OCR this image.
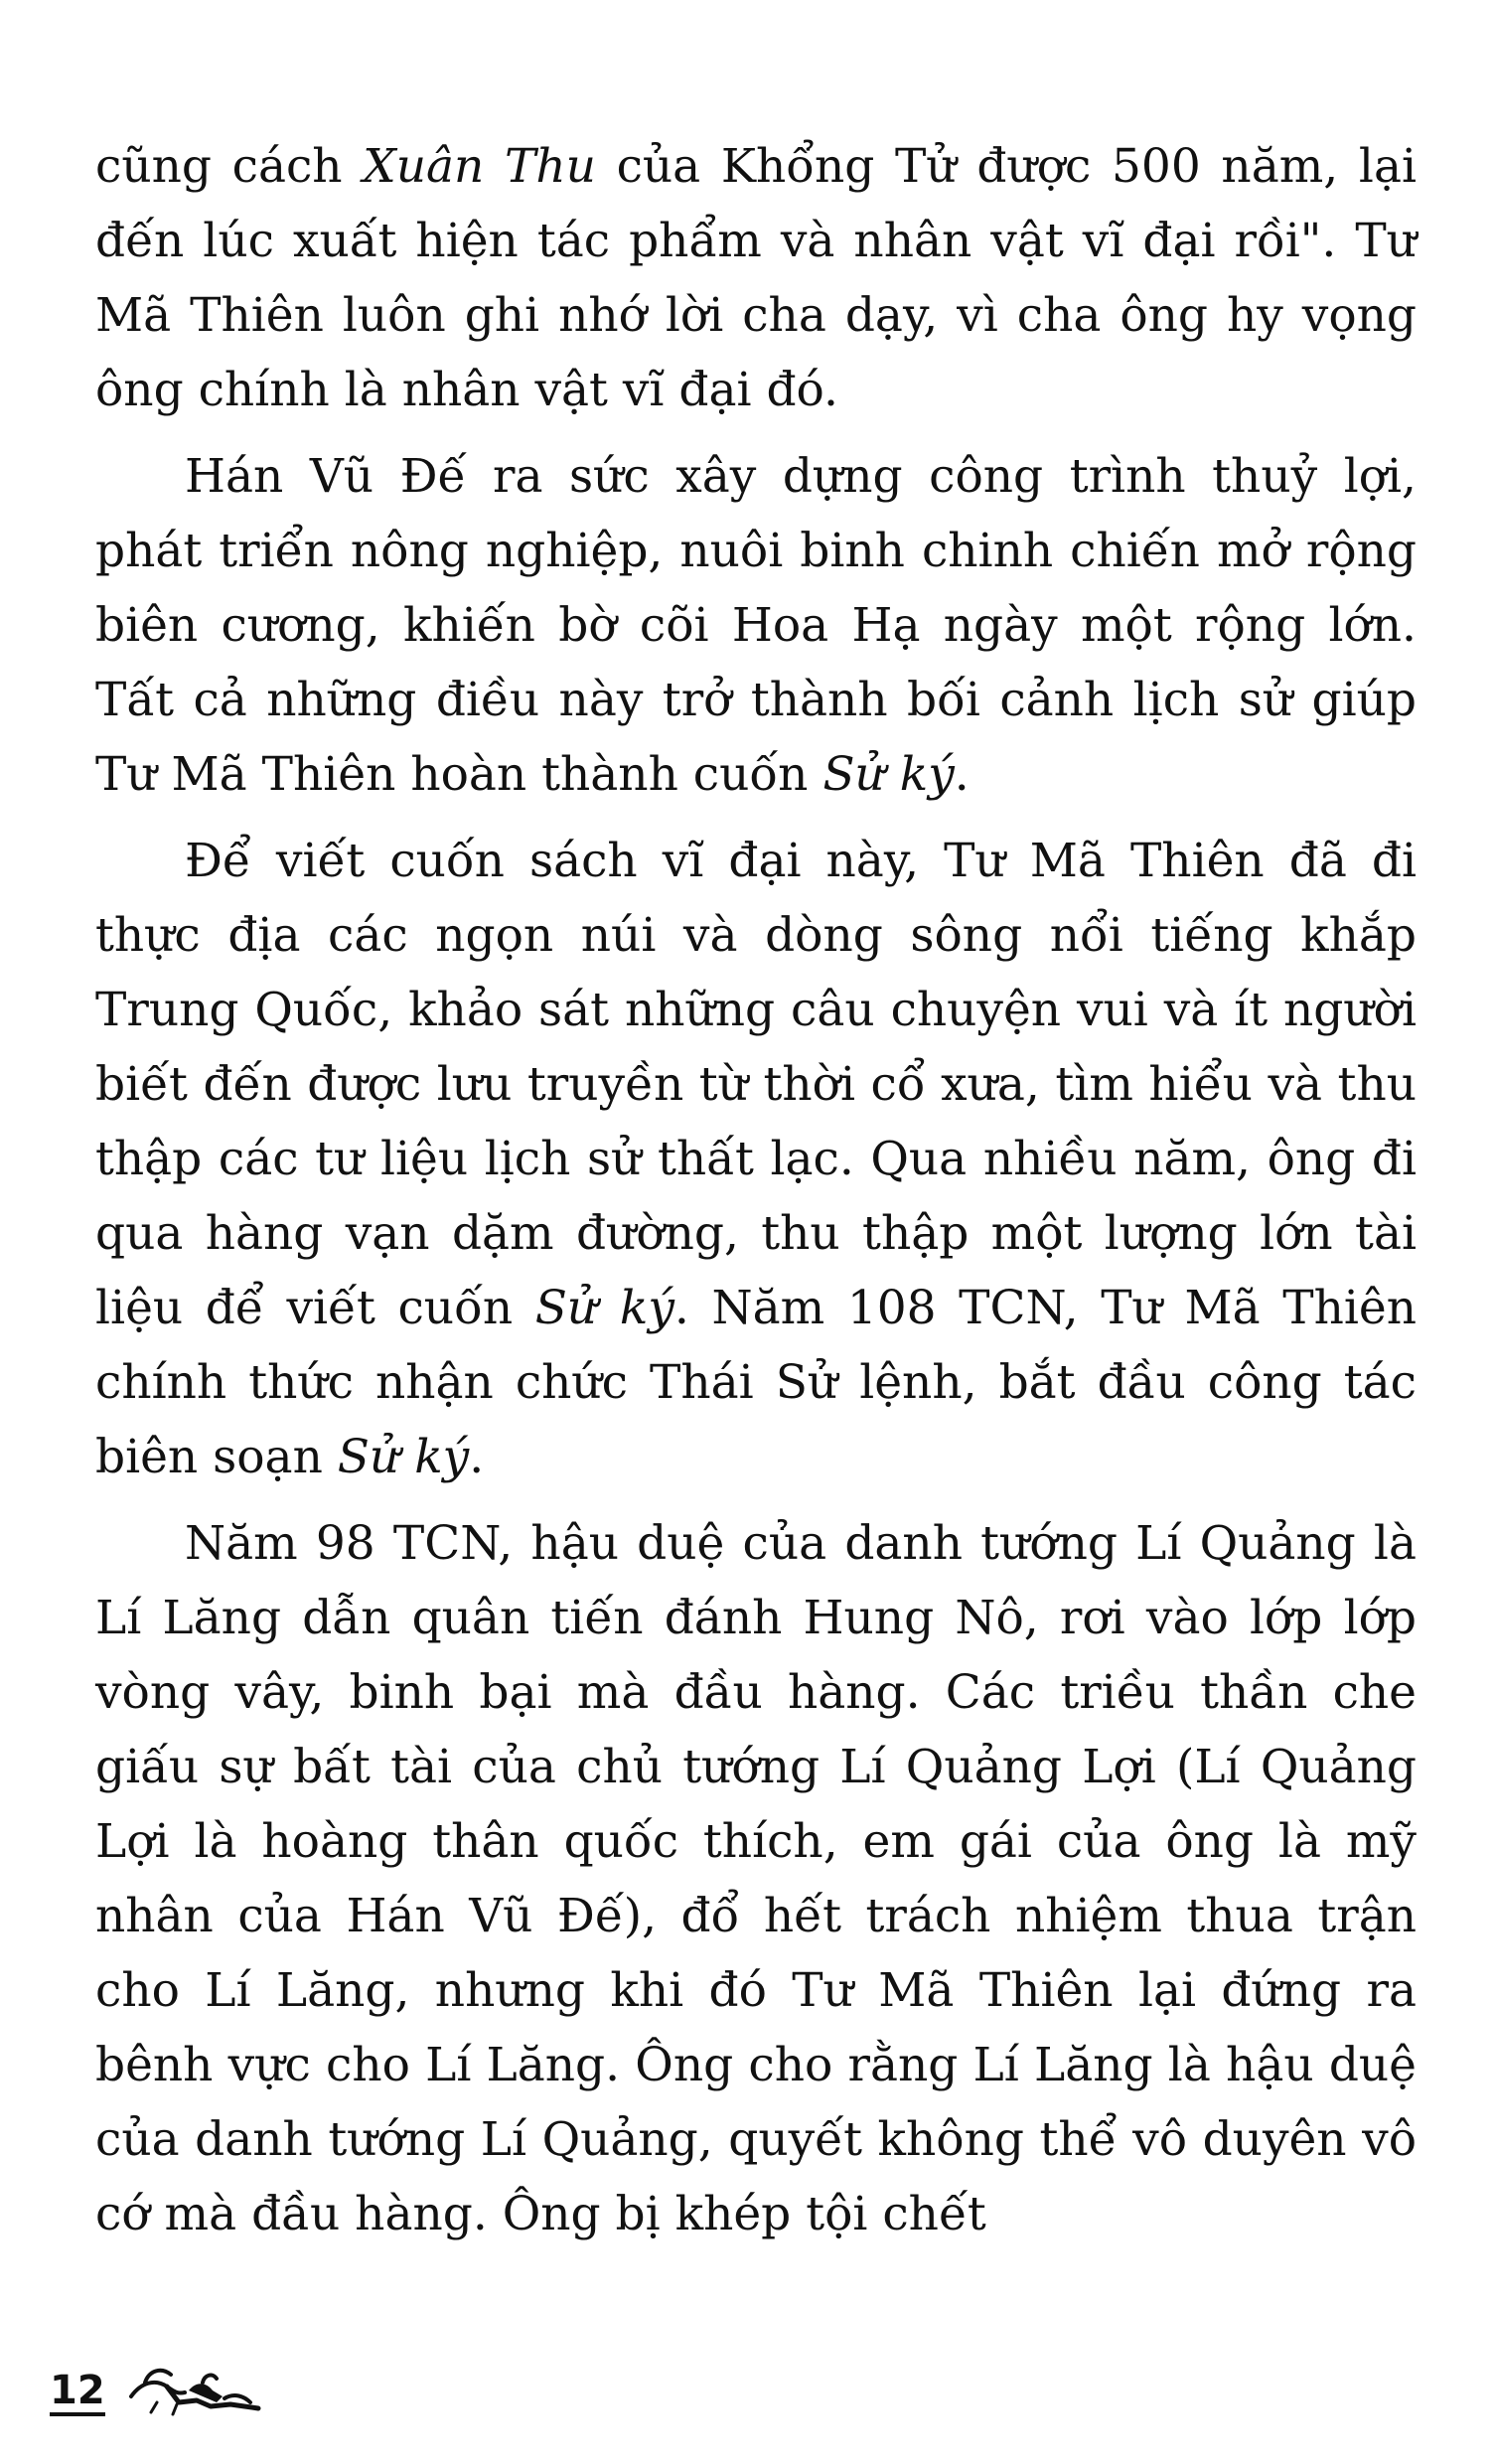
cũng cách Xuân Thu của Khổng Tử được 500 năm, lại đến lúc xuất hiện tác phẩm và nhân vật vĩ đại rồi". Tư Mã Thiên luôn ghi nhớ lời cha dạy, vì cha ông hy vọng ông chính là nhân vật vĩ đại đó.

Hán Vũ Đế ra sức xây dựng công trình thuỷ lợi, phát triển nông nghiệp, nuôi binh chinh chiến mở rộng biên cương, khiến bờ cõi Hoa Hạ ngày một rộng lớn. Tất cả những điều này trở thành bối cảnh lịch sử giúp Tư Mã Thiên hoàn thành cuốn Sử ký.

Để viết cuốn sách vĩ đại này, Tư Mã Thiên đã đi thực địa các ngọn núi và dòng sông nổi tiếng khắp Trung Quốc, khảo sát những câu chuyện vui và ít người biết đến được lưu truyền từ thời cổ xưa, tìm hiểu và thu thập các tư liệu lịch sử thất lạc. Qua nhiều năm, ông đi qua hàng vạn dặm đường, thu thập một lượng lớn tài liệu để viết cuốn Sử ký. Năm 108 TCN, Tư Mã Thiên chính thức nhận chức Thái Sử lệnh, bắt đầu công tác biên soạn Sử ký.

Năm 98 TCN, hậu duệ của danh tướng Lí Quảng là Lí Lăng dẫn quân tiến đánh Hung Nô, rơi vào lớp lớp vòng vây, binh bại mà đầu hàng. Các triều thần che giấu sự bất tài của chủ tướng Lí Quảng Lợi (Lí Quảng Lợi là hoàng thân quốc thích, em gái của ông là mỹ nhân của Hán Vũ Đế), đổ hết trách nhiệm thua trận cho Lí Lăng, nhưng khi đó Tư Mã Thiên lại đứng ra bênh vực cho Lí Lăng. Ông cho rằng Lí Lăng là hậu duệ của danh tướng Lí Quảng, quyết không thể vô duyên vô cớ mà đầu hàng. Ông bị khép tội chết

12
